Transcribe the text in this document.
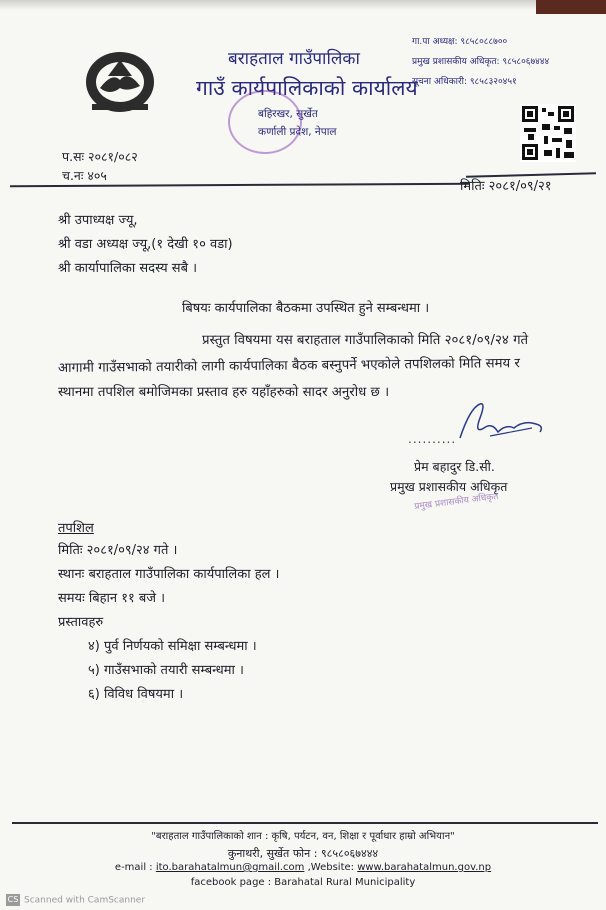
बराहताल गाउँपालिका
गाउँ कार्यपालिकाको कार्यालय
बहिरखर, सुर्खेत
कर्णाली प्रदेश, नेपाल
गा.पा अध्यक्ष: ९८५८०८८७००
प्रमुख प्रशासकीय अधिकृत: ९८५८०६७४४४
सूचना अधिकारी: ९८५८३२०४५१
प.सः २०८१/०८२
च.नः ४०५
मितिः २०८१/०९/२१
श्री उपाध्यक्ष ज्यू,
श्री वडा अध्यक्ष ज्यू,(१ देखी १० वडा)
श्री कार्यापालिका सदस्य सबै ।
बिषयः कार्यपालिका बैठकमा उपस्थित हुने सम्बन्धमा ।
प्रस्तुत विषयमा यस बराहताल गाउँपालिकाको मिति २०८१/०९/२४ गते
आगामी गाउँसभाको तयारीको लागी कार्यपालिका बैठक बस्नुपर्ने भएकोले तपशिलको मिति समय र
स्थानमा तपशिल बमोजिमका प्रस्ताव हरु यहाँहरुको सादर अनुरोध छ ।
..........
प्रेम बहादुर डि.सी.
प्रमुख प्रशासकीय अधिकृत
प्रमुख प्रशासकीय अधिकृत
तपशिल
मितिः २०८१/०९/२४ गते ।
स्थानः बराहताल गाउँपालिका कार्यपालिका हल ।
समयः बिहान ११ बजे ।
प्रस्तावहरु
४) पुर्व निर्णयको समिक्षा सम्बन्धमा ।
५) गाउँसभाको तयारी सम्बन्धमा ।
६) विविध विषयमा ।
"बराहताल गाउँपालिकाको शान : कृषि, पर्यटन, वन, शिक्षा र पूर्वाधार हाम्रो अभियान"
कुनाथरी, सुर्खेत फोन : ९८५८०६७४४४
e-mail : ito.barahatalmun@gmail.com ,Website: www.barahatalmun.gov.np
facebook page : Barahatal Rural Municipality
CS Scanned with CamScanner
